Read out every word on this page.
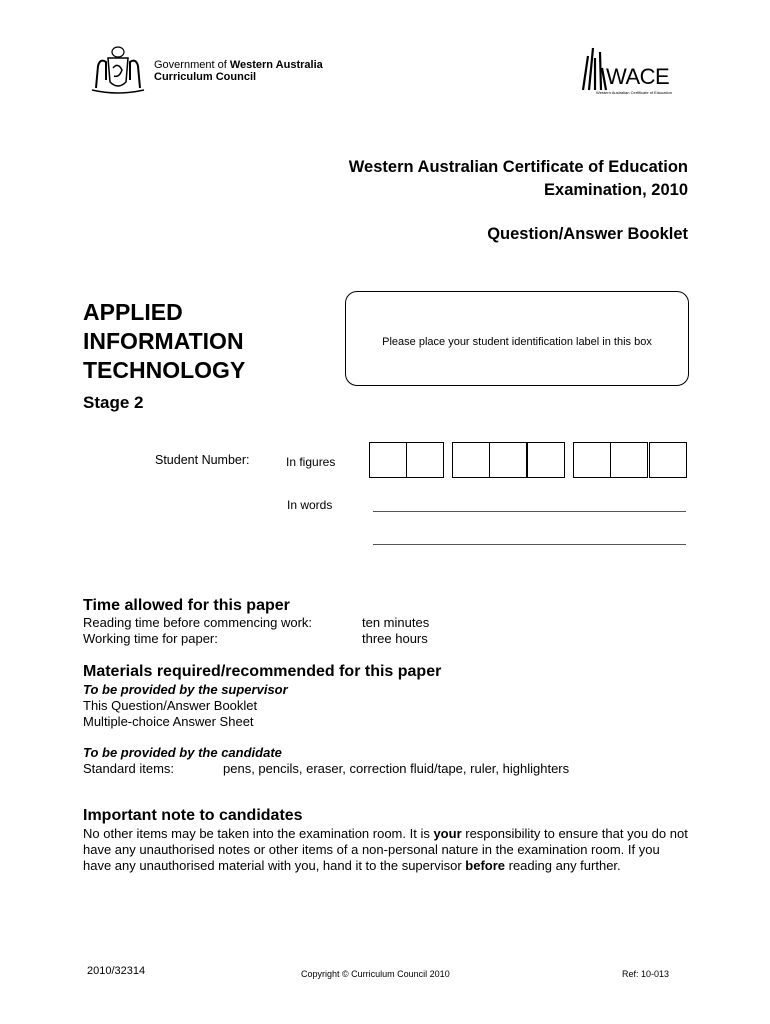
Government of Western Australia
Curriculum Council	WACE
Western Australian Certificate of Education
Western Australian Certificate of Education
Examination, 2010
Question/Answer Booklet
APPLIED
INFORMATION
TECHNOLOGY
Stage 2
Please place your student identification label in this box
Student Number:	In figures
In words
Time allowed for this paper
Reading time before commencing work:	ten minutes
Working time for paper:	three hours
Materials required/recommended for this paper
To be provided by the supervisor
This Question/Answer Booklet
Multiple-choice Answer Sheet
To be provided by the candidate
Standard items:	pens, pencils, eraser, correction fluid/tape, ruler, highlighters
Important note to candidates
No other items may be taken into the examination room. It is your responsibility to ensure that you do not have any unauthorised notes or other items of a non-personal nature in the examination room. If you have any unauthorised material with you, hand it to the supervisor before reading any further.
2010/32314	Copyright © Curriculum Council 2010	Ref: 10-013
